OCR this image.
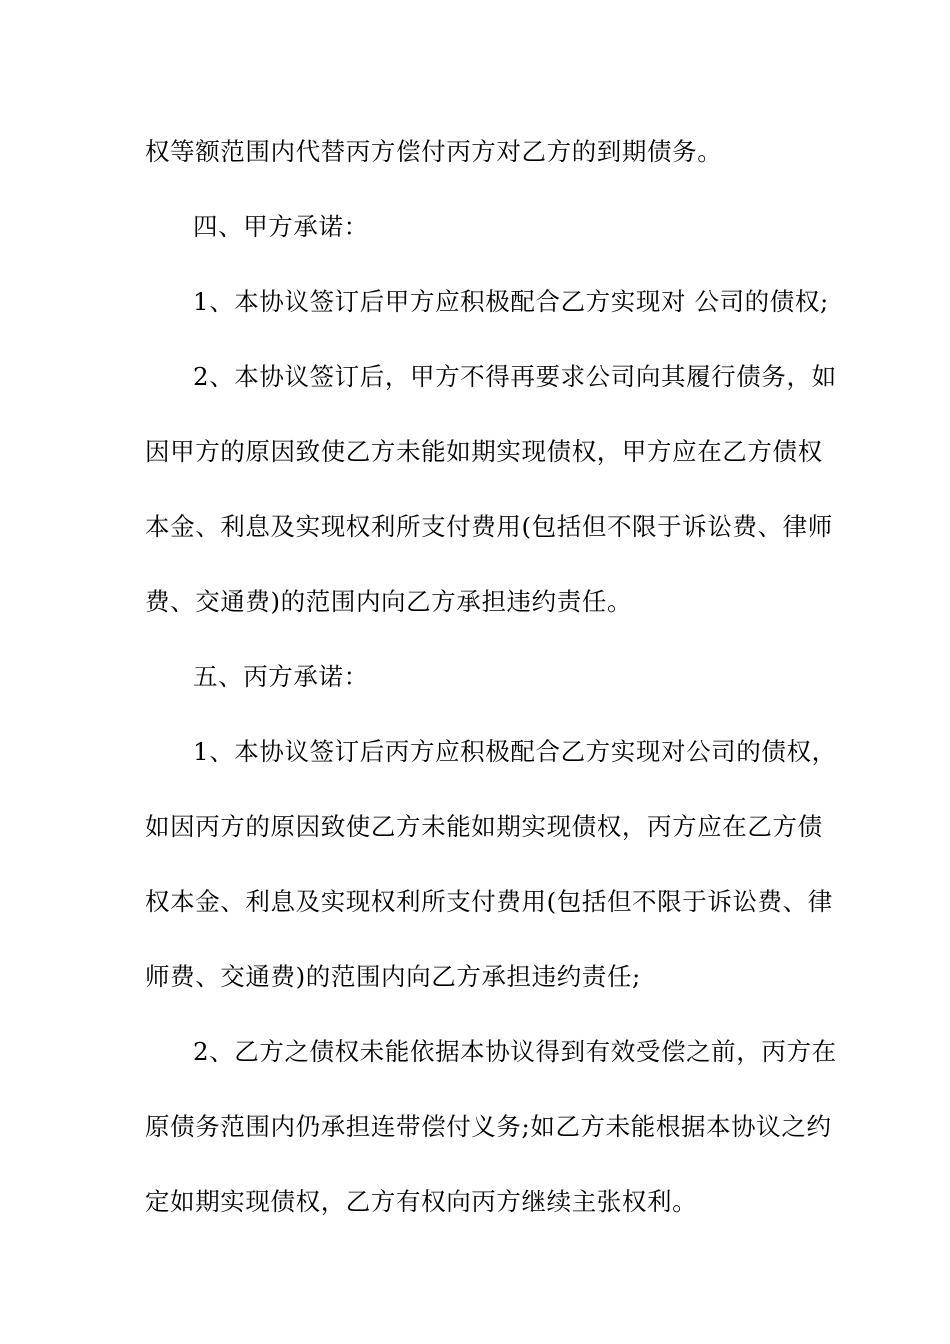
权等额范围内代替丙方偿付丙方对乙方的到期债务。
四、甲方承诺：
1、本协议签订后甲方应积极配合乙方实现对 公司的债权;
2、本协议签订后，甲方不得再要求公司向其履行债务，如
因甲方的原因致使乙方未能如期实现债权，甲方应在乙方债权
本金、利息及实现权利所支付费用(包括但不限于诉讼费、律师
费、交通费)的范围内向乙方承担违约责任。
五、丙方承诺：
1、本协议签订后丙方应积极配合乙方实现对公司的债权，
如因丙方的原因致使乙方未能如期实现债权，丙方应在乙方债
权本金、利息及实现权利所支付费用(包括但不限于诉讼费、律
师费、交通费)的范围内向乙方承担违约责任;
2、乙方之债权未能依据本协议得到有效受偿之前，丙方在
原债务范围内仍承担连带偿付义务;如乙方未能根据本协议之约
定如期实现债权，乙方有权向丙方继续主张权利。
